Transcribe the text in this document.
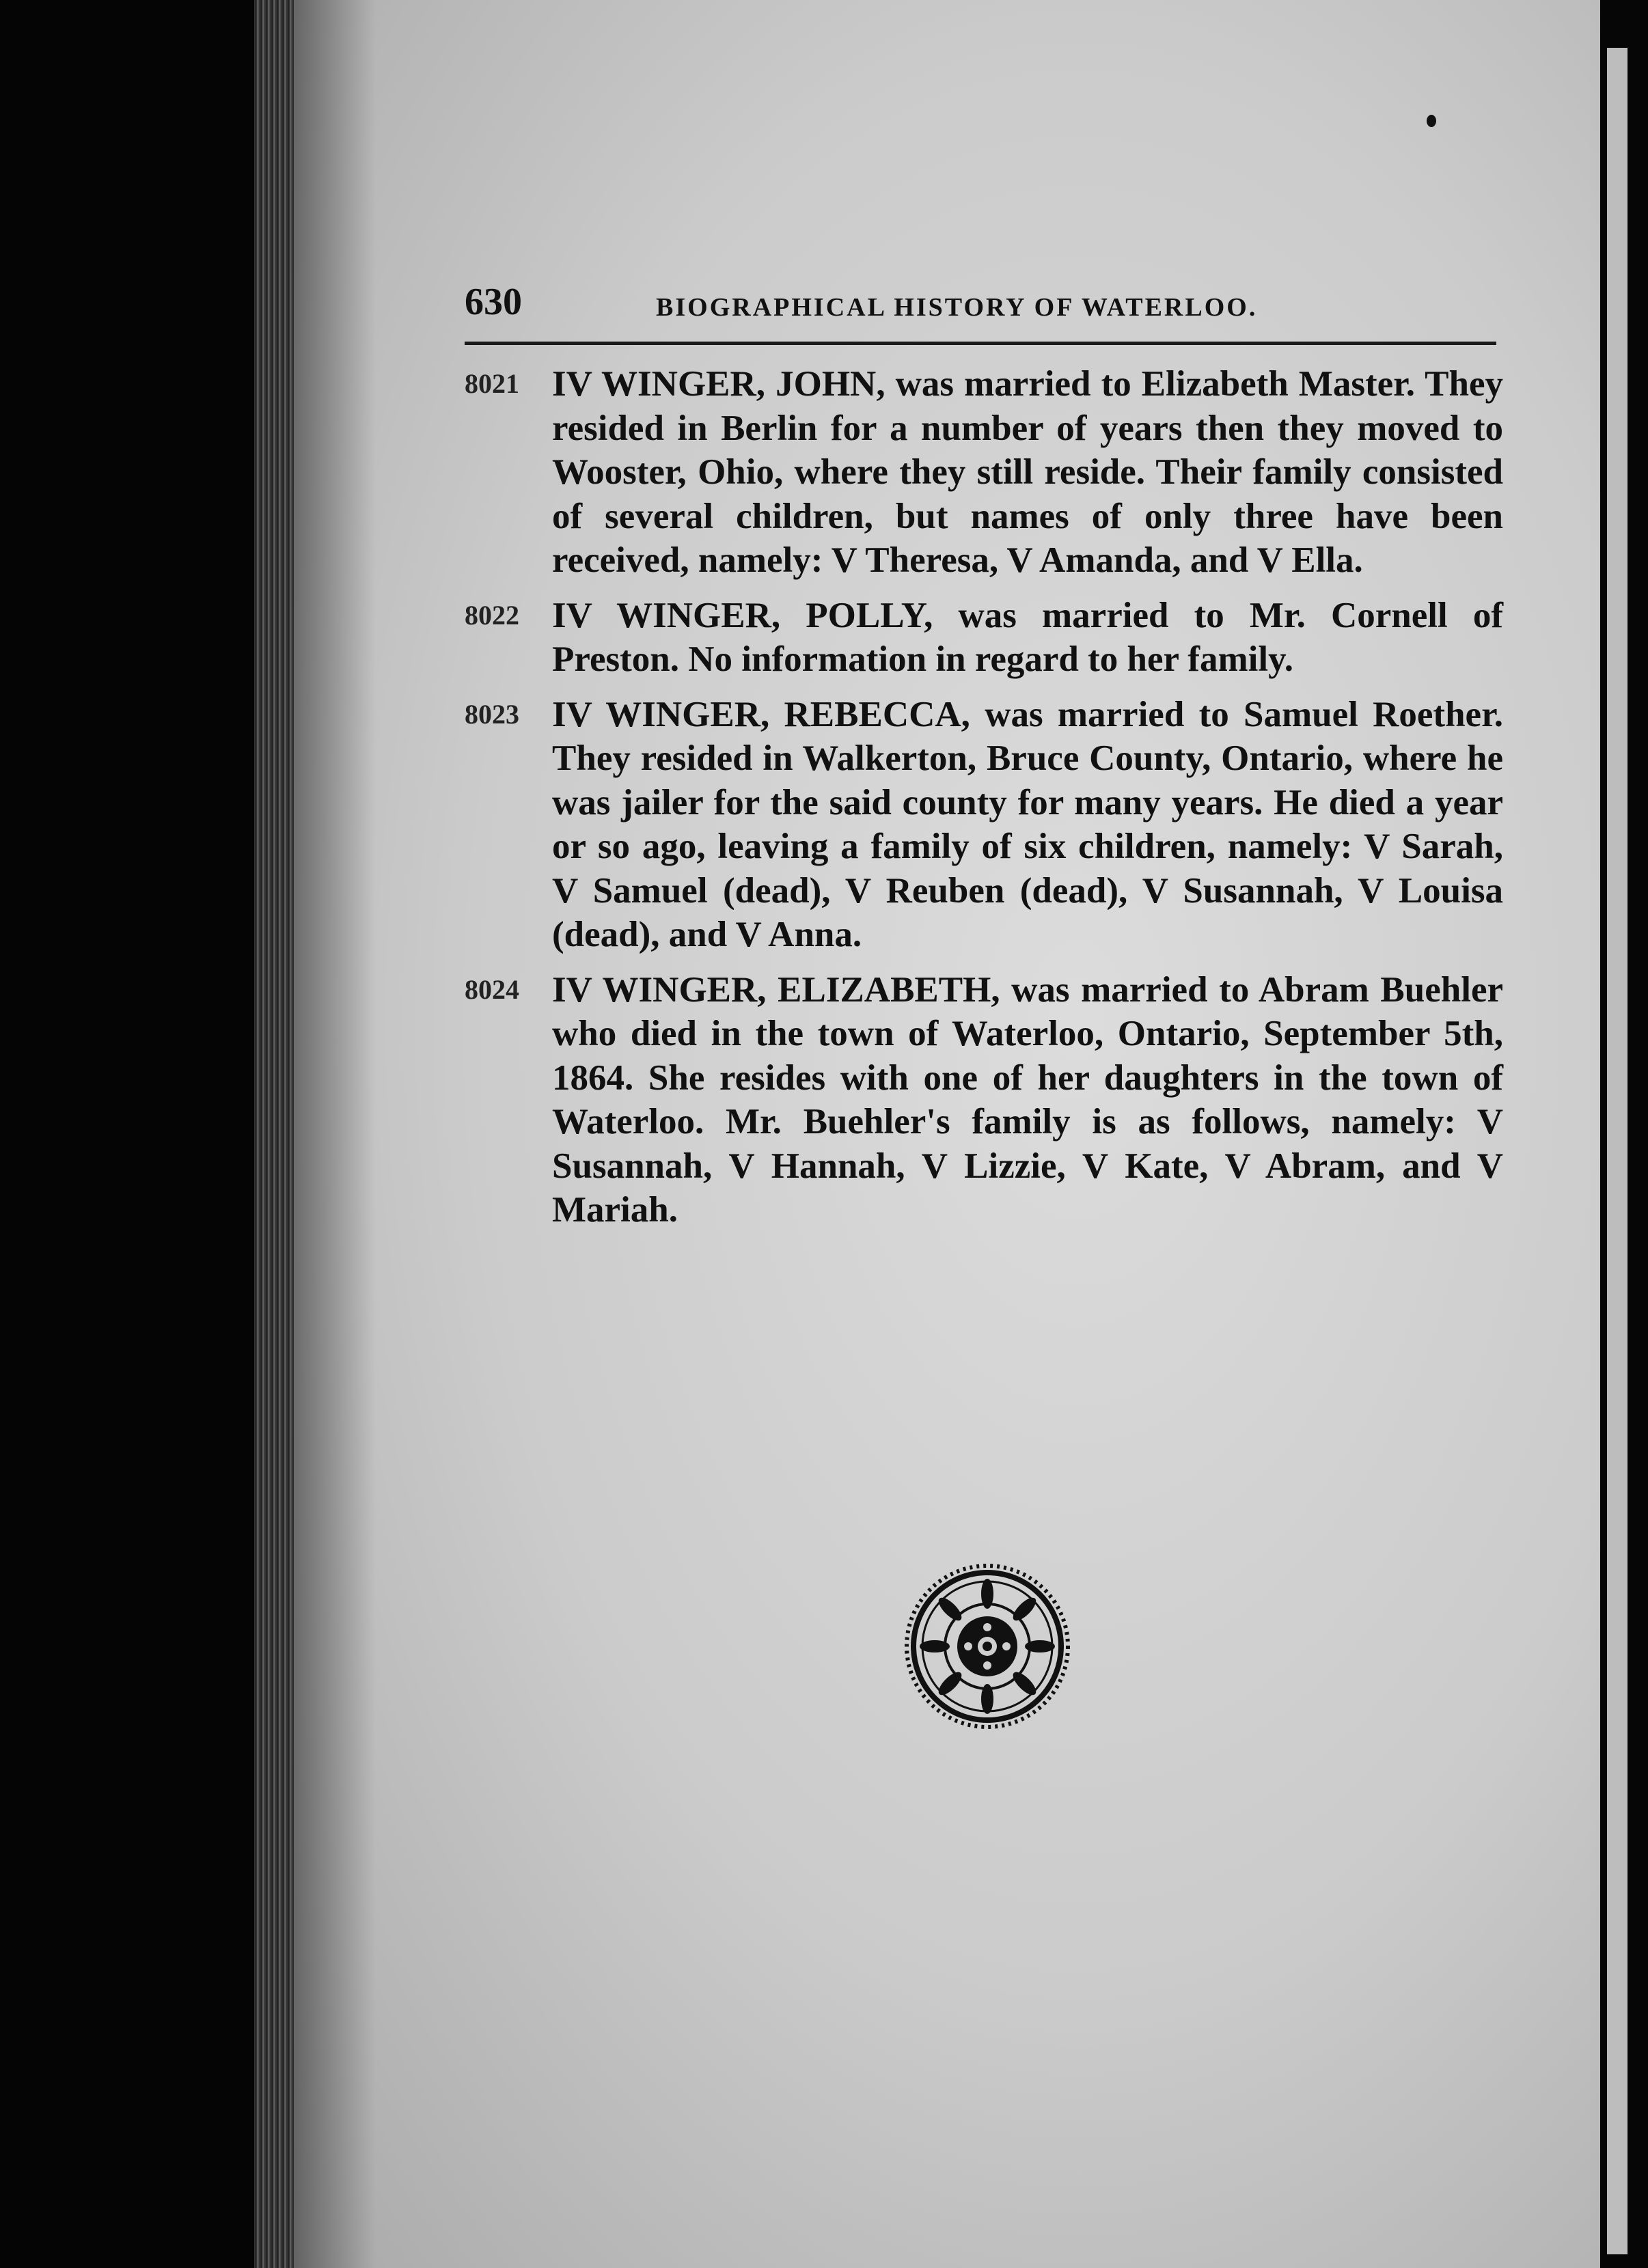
630	BIOGRAPHICAL HISTORY OF WATERLOO.
8021 IV WINGER, JOHN, was married to Elizabeth Master. They resided in Berlin for a number of years then they moved to Wooster, Ohio, where they still reside. Their family consisted of several children, but names of only three have been received, namely: V Theresa, V Amanda, and V Ella.
8022 IV WINGER, POLLY, was married to Mr. Cornell of Preston. No information in regard to her family.
8023 IV WINGER, REBECCA, was married to Samuel Roether. They resided in Walkerton, Bruce County, Ontario, where he was jailer for the said county for many years. He died a year or so ago, leaving a family of six children, namely: V Sarah, V Samuel (dead), V Reuben (dead), V Susannah, V Louisa (dead), and V Anna.
8024 IV WINGER, ELIZABETH, was married to Abram Buehler who died in the town of Waterloo, Ontario, September 5th, 1864. She resides with one of her daughters in the town of Waterloo. Mr. Buehler's family is as follows, namely: V Susannah, V Hannah, V Lizzie, V Kate, V Abram, and V Mariah.
